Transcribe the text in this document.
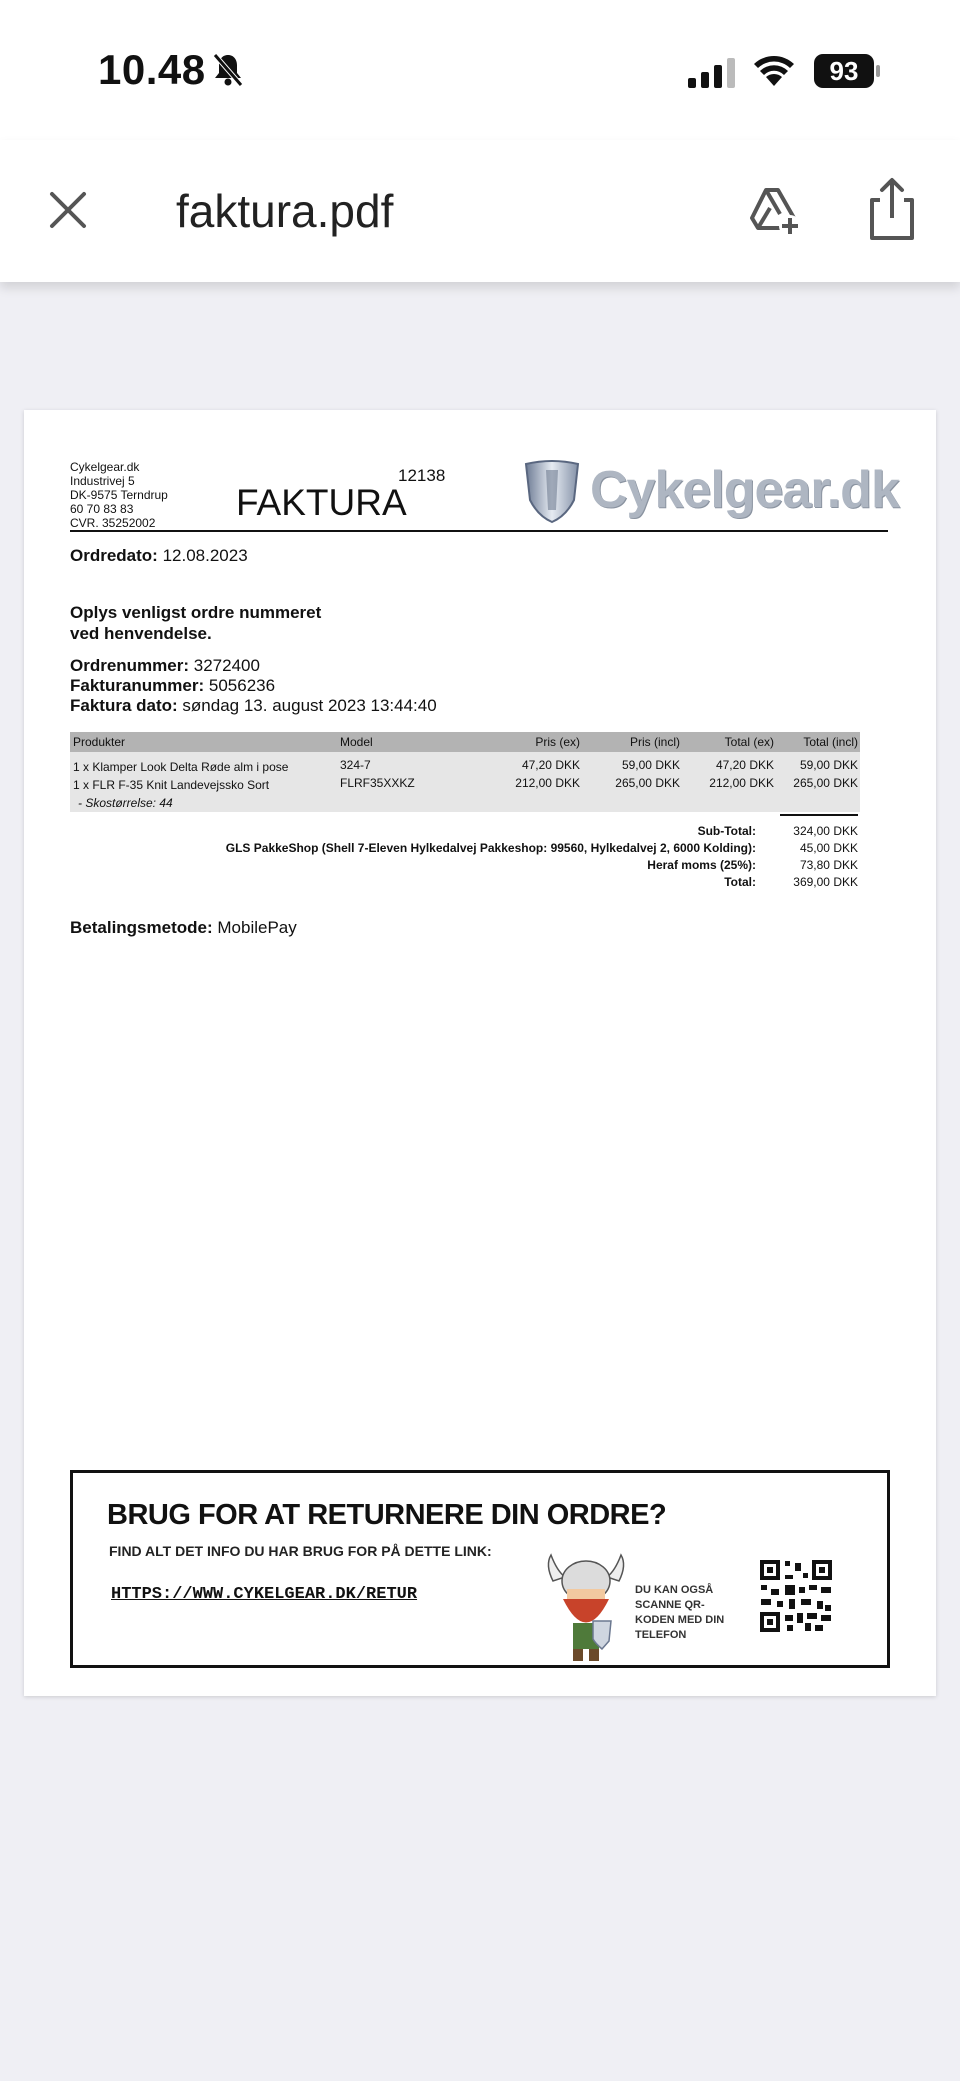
10.48	93
faktura.pdf
Cykelgear.dk
Industrivej 5
DK-9575 Terndrup
60 70 83 83
CVR. 35252002	FAKTURA
12138	Cykelgear.dk
Ordredato: 12.08.2023
Oplys venligst ordre nummeret ved henvendelse.
Ordrenummer: 3272400
Fakturanummer: 5056236
Faktura dato: søndag 13. august 2023 13:44:40
Produkter	Model	Pris (ex)	Pris (incl)	Total (ex)	Total (incl)
1 x Klamper Look Delta Røde alm i pose	324-7	47,20 DKK	59,00 DKK	47,20 DKK	59,00 DKK
1 x FLR F-35 Knit Landevejssko Sort	FLRF35XXKZ	212,00 DKK	265,00 DKK	212,00 DKK	265,00 DKK
- Skostørrelse: 44
Sub-Total:	324,00 DKK
GLS PakkeShop (Shell 7-Eleven Hylkedalvej Pakkeshop: 99560, Hylkedalvej 2, 6000 Kolding):	45,00 DKK
Heraf moms (25%):	73,80 DKK
Total:	369,00 DKK
Betalingsmetode: MobilePay
BRUG FOR AT RETURNERE DIN ORDRE?
FIND ALT DET INFO DU HAR BRUG FOR PÅ DETTE LINK:
HTTPS://WWW.CYKELGEAR.DK/RETUR	DU KAN OGSÅ SCANNE QR-KODEN MED DIN TELEFON
